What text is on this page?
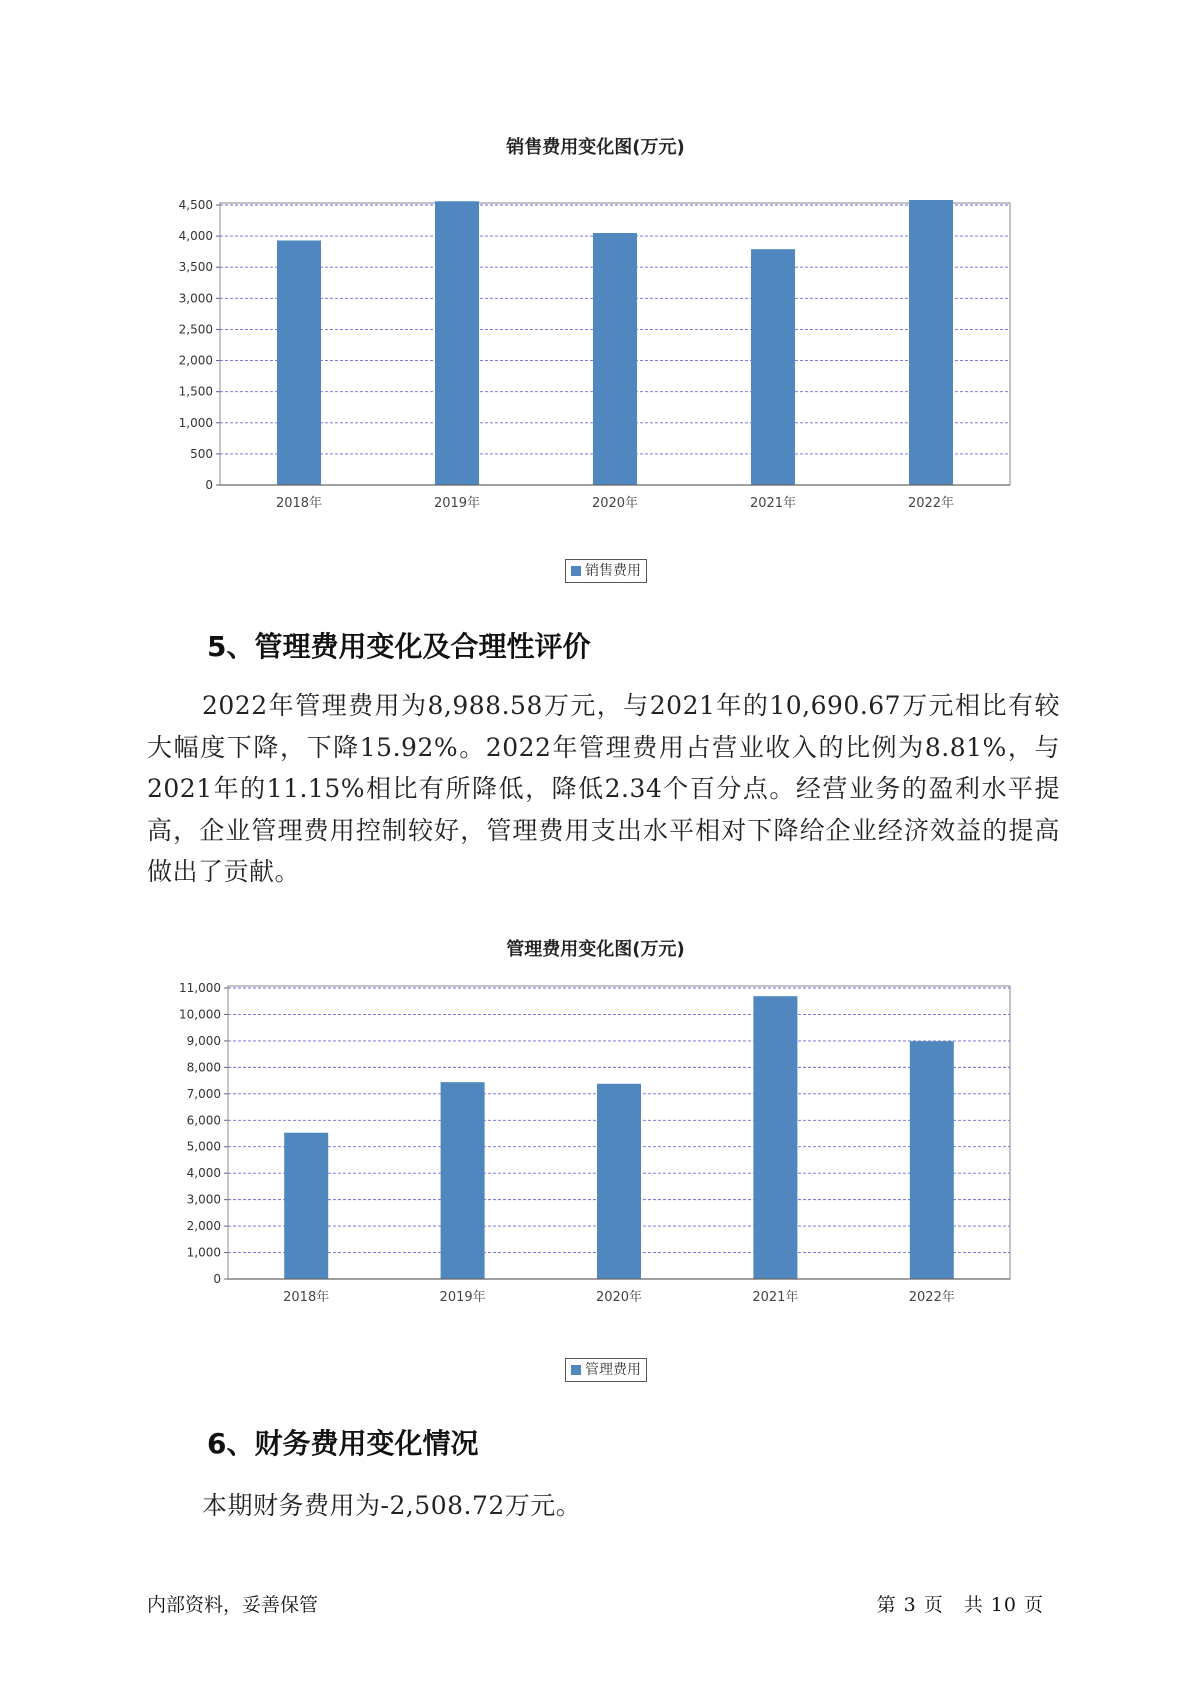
销售费用变化图(万元)
0
500
1,000
1,500
2,000
2,500
3,000
3,500
4,000
4,500
2018年	2019年	2020年	2021年	2022年
销售费用
5、管理费用变化及合理性评价

2022年管理费用为8,988.58万元，与2021年的10,690.67万元相比有较大幅度下降，下降15.92%。2022年管理费用占营业收入的比例为8.81%，与2021年的11.15%相比有所降低，降低2.34个百分点。经营业务的盈利水平提高，企业管理费用控制较好，管理费用支出水平相对下降给企业经济效益的提高做出了贡献。

管理费用变化图(万元)
0
1,000
2,000
3,000
4,000
5,000
6,000
7,000
8,000
9,000
10,000
11,000
2018年	2019年	2020年	2021年	2022年
管理费用
6、财务费用变化情况

本期财务费用为-2,508.72万元。

内部资料，妥善保管	第 3 页　共 10 页
